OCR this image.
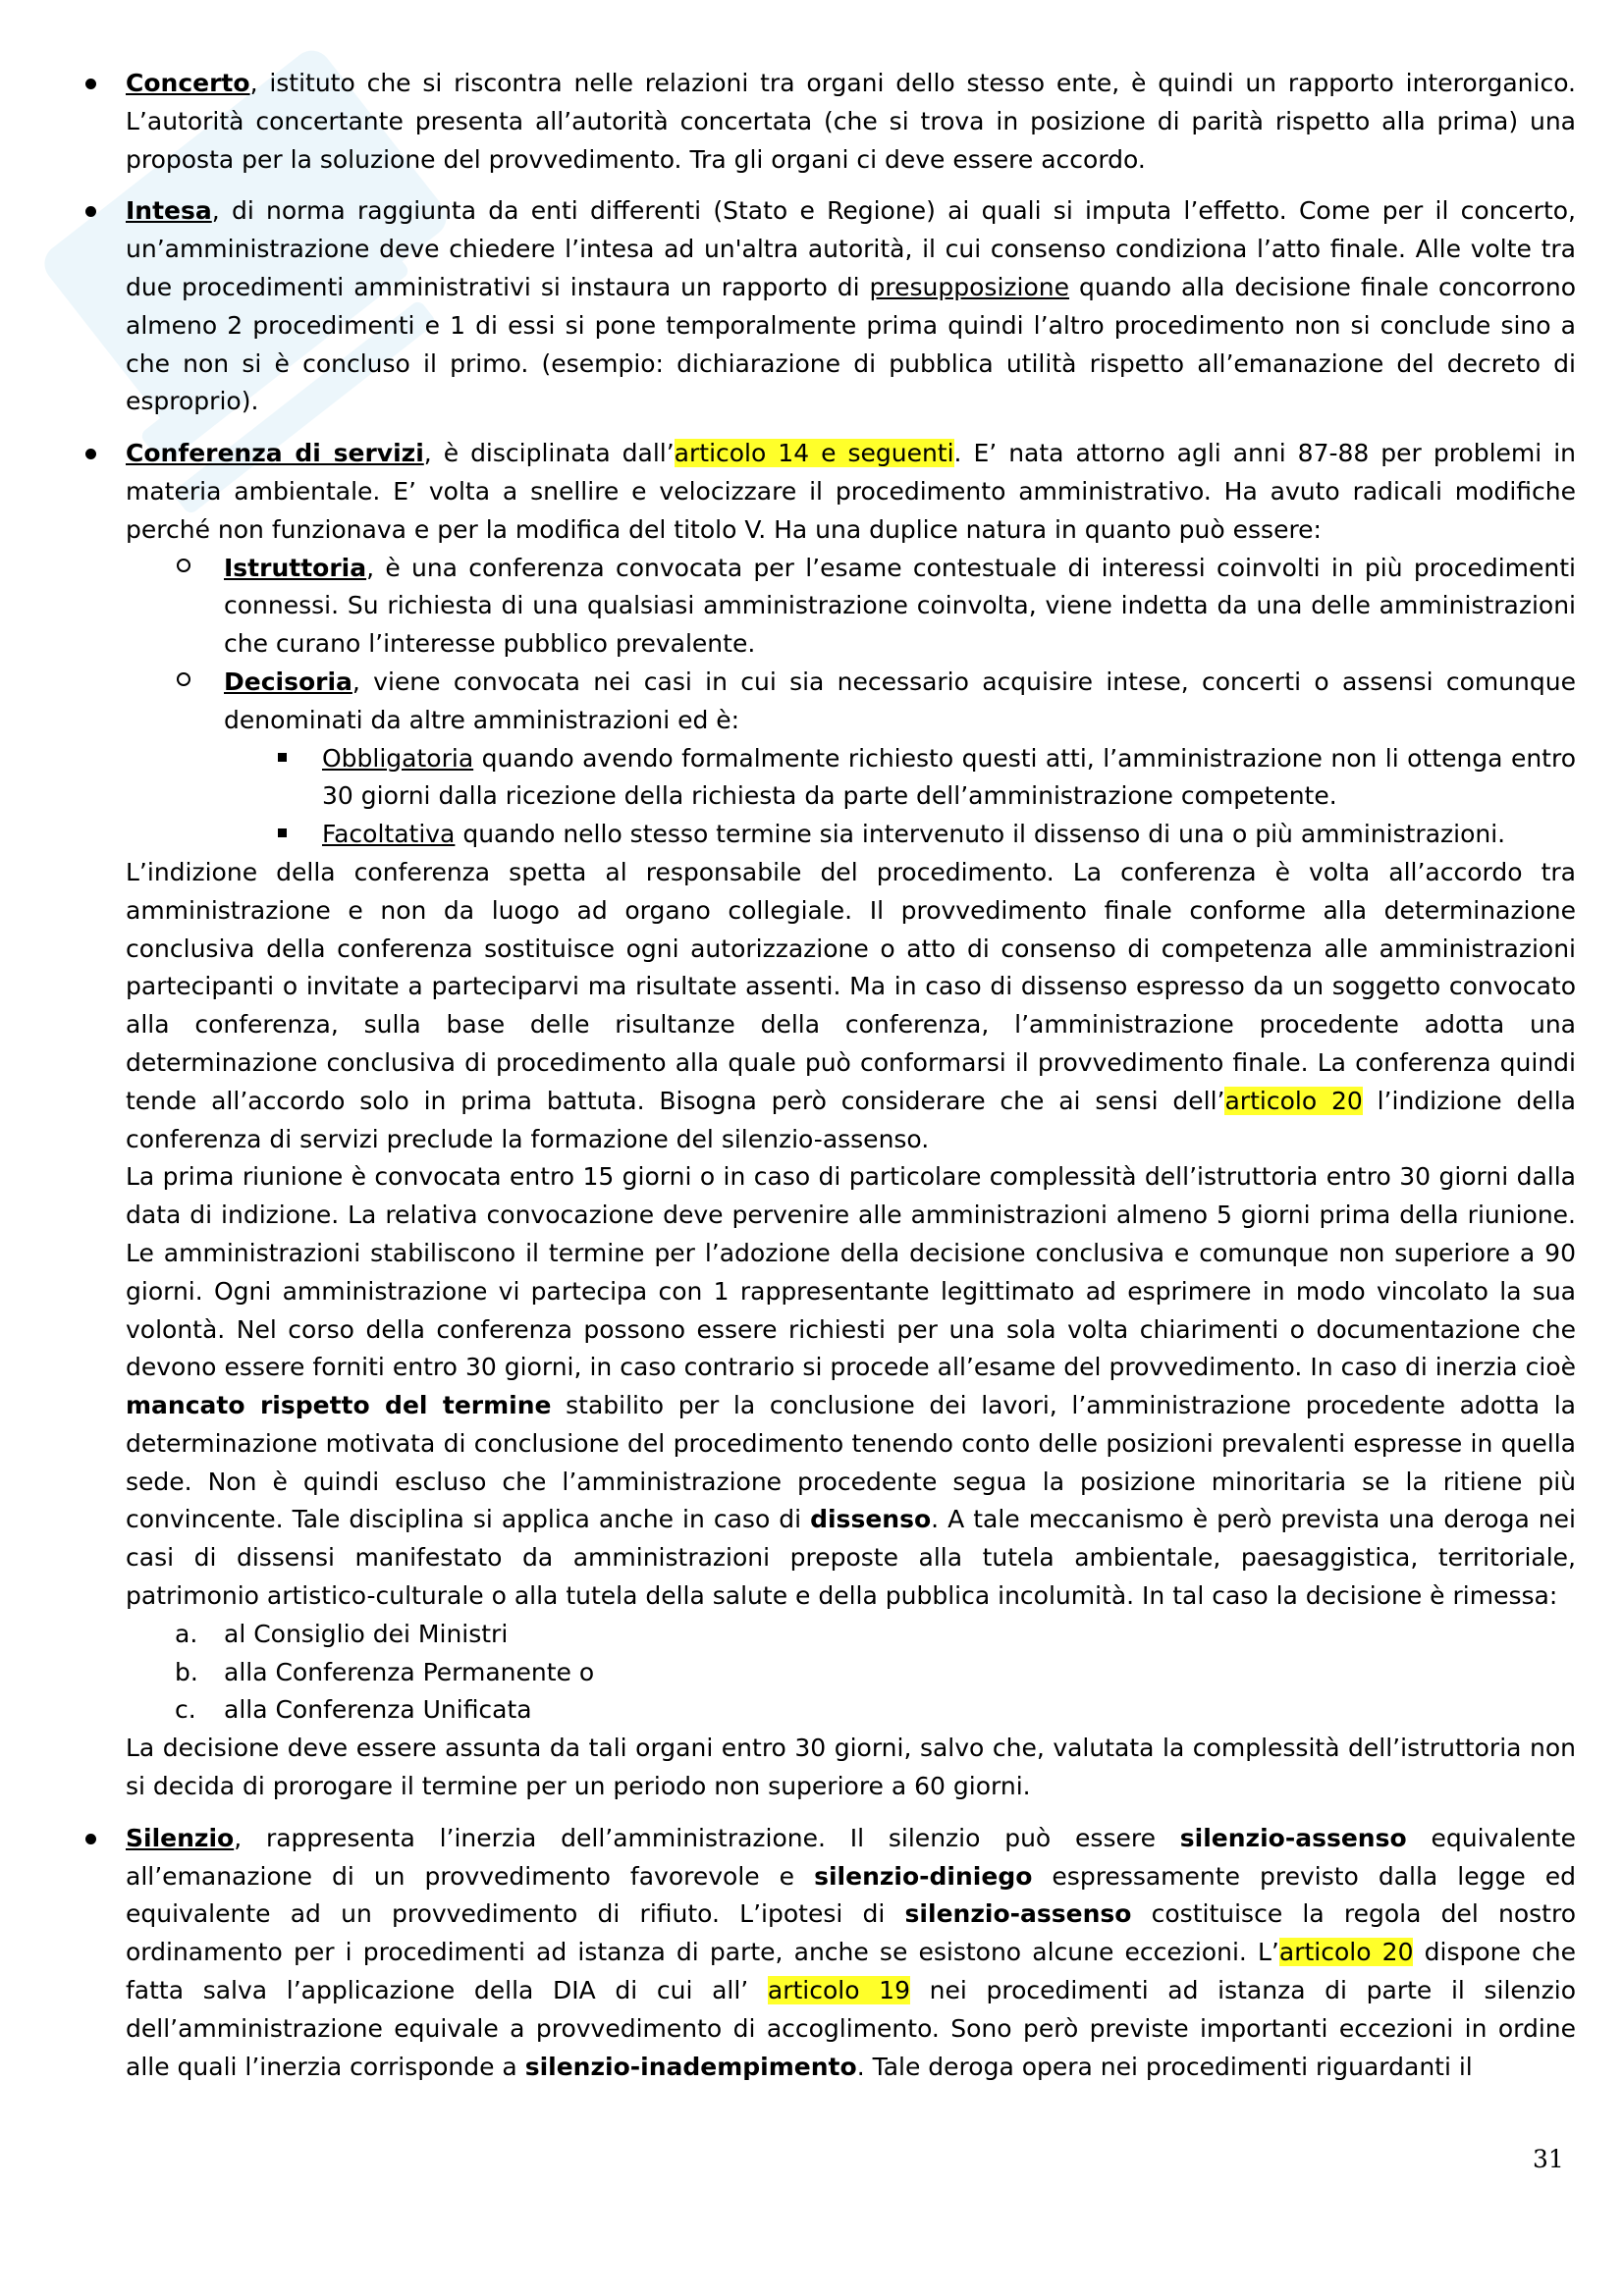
Concerto, istituto che si riscontra nelle relazioni tra organi dello stesso ente, è quindi un rapporto interorganico. L’autorità concertante presenta all’autorità concertata (che si trova in posizione di parità rispetto alla prima) una proposta per la soluzione del provvedimento. Tra gli organi ci deve essere accordo.

Intesa, di norma raggiunta da enti differenti (Stato e Regione) ai quali si imputa l’effetto. Come per il concerto, un’amministrazione deve chiedere l’intesa ad un'altra autorità, il cui consenso condiziona l’atto finale. Alle volte tra due procedimenti amministrativi si instaura un rapporto di presupposizione quando alla decisione finale concorrono almeno 2 procedimenti e 1 di essi si pone temporalmente prima quindi l’altro procedimento non si conclude sino a che non si è concluso il primo. (esempio: dichiarazione di pubblica utilità rispetto all’emanazione del decreto di esproprio).

Conferenza di servizi, è disciplinata dall’articolo 14 e seguenti. E’ nata attorno agli anni 87-88 per problemi in materia ambientale. E’ volta a snellire e velocizzare il procedimento amministrativo. Ha avuto radicali modifiche perché non funzionava e per la modifica del titolo V. Ha una duplice natura in quanto può essere:

Istruttoria, è una conferenza convocata per l’esame contestuale di interessi coinvolti in più procedimenti connessi. Su richiesta di una qualsiasi amministrazione coinvolta, viene indetta da una delle amministrazioni che curano l’interesse pubblico prevalente.

Decisoria, viene convocata nei casi in cui sia necessario acquisire intese, concerti o assensi comunque denominati da altre amministrazioni ed è:

Obbligatoria quando avendo formalmente richiesto questi atti, l’amministrazione non li ottenga entro 30 giorni dalla ricezione della richiesta da parte dell’amministrazione competente.

Facoltativa quando nello stesso termine sia intervenuto il dissenso di una o più amministrazioni.

L’indizione della conferenza spetta al responsabile del procedimento. La conferenza è volta all’accordo tra amministrazione e non da luogo ad organo collegiale. Il provvedimento finale conforme alla determinazione conclusiva della conferenza sostituisce ogni autorizzazione o atto di consenso di competenza alle amministrazioni partecipanti o invitate a parteciparvi ma risultate assenti. Ma in caso di dissenso espresso da un soggetto convocato alla conferenza, sulla base delle risultanze della conferenza, l’amministrazione procedente adotta una determinazione conclusiva di procedimento alla quale può conformarsi il provvedimento finale. La conferenza quindi tende all’accordo solo in prima battuta. Bisogna però considerare che ai sensi dell’articolo 20 l’indizione della conferenza di servizi preclude la formazione del silenzio-assenso.

La prima riunione è convocata entro 15 giorni o in caso di particolare complessità dell’istruttoria entro 30 giorni dalla data di indizione. La relativa convocazione deve pervenire alle amministrazioni almeno 5 giorni prima della riunione. Le amministrazioni stabiliscono il termine per l’adozione della decisione conclusiva e comunque non superiore a 90 giorni. Ogni amministrazione vi partecipa con 1 rappresentante legittimato ad esprimere in modo vincolato la sua volontà. Nel corso della conferenza possono essere richiesti per una sola volta chiarimenti o documentazione che devono essere forniti entro 30 giorni, in caso contrario si procede all’esame del provvedimento. In caso di inerzia cioè mancato rispetto del termine stabilito per la conclusione dei lavori, l’amministrazione procedente adotta la determinazione motivata di conclusione del procedimento tenendo conto delle posizioni prevalenti espresse in quella sede. Non è quindi escluso che l’amministrazione procedente segua la posizione minoritaria se la ritiene più convincente. Tale disciplina si applica anche in caso di dissenso. A tale meccanismo è però prevista una deroga nei casi di dissensi manifestato da amministrazioni preposte alla tutela ambientale, paesaggistica, territoriale, patrimonio artistico-culturale o alla tutela della salute e della pubblica incolumità. In tal caso la decisione è rimessa:

a. al Consiglio dei Ministri

b. alla Conferenza Permanente o

c. alla Conferenza Unificata

La decisione deve essere assunta da tali organi entro 30 giorni, salvo che, valutata la complessità dell’istruttoria non si decida di prorogare il termine per un periodo non superiore a 60 giorni.

Silenzio, rappresenta l’inerzia dell’amministrazione. Il silenzio può essere silenzio-assenso equivalente all’emanazione di un provvedimento favorevole e silenzio-diniego espressamente previsto dalla legge ed equivalente ad un provvedimento di rifiuto. L’ipotesi di silenzio-assenso costituisce la regola del nostro ordinamento per i procedimenti ad istanza di parte, anche se esistono alcune eccezioni. L’articolo 20 dispone che fatta salva l’applicazione della DIA di cui all’ articolo 19 nei procedimenti ad istanza di parte il silenzio dell’amministrazione equivale a provvedimento di accoglimento. Sono però previste importanti eccezioni in ordine alle quali l’inerzia corrisponde a silenzio-inadempimento. Tale deroga opera nei procedimenti riguardanti il

31
